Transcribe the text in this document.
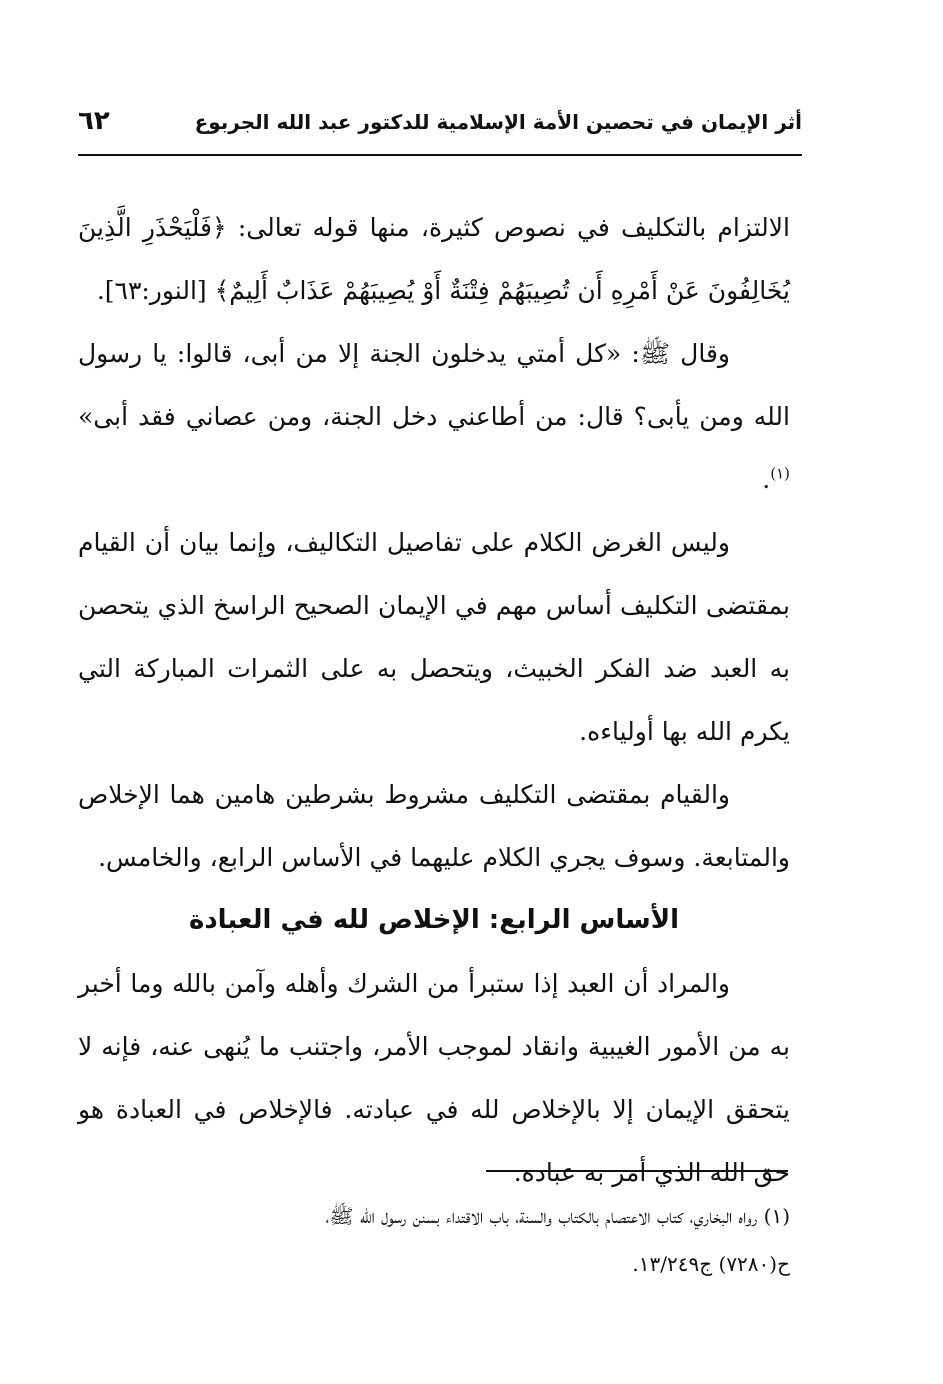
أثر الإيمان في تحصين الأمة الإسلامية للدكتور عبد الله الجربوع
٦٢

الالتزام بالتكليف في نصوص كثيرة، منها قوله تعالى: ﴿فَلْيَحْذَرِ الَّذِينَ يُخَالِفُونَ عَنْ أَمْرِهِ أَن تُصِيبَهُمْ فِتْنَةٌ أَوْ يُصِيبَهُمْ عَذَابٌ أَلِيمٌ﴾ [النور:٦٣].

وقال ﷺ: «كل أمتي يدخلون الجنة إلا من أبى، قالوا: يا رسول الله ومن يأبى؟ قال: من أطاعني دخل الجنة، ومن عصاني فقد أبى» $^{(١)}$.

وليس الغرض الكلام على تفاصيل التكاليف، وإنما بيان أن القيام بمقتضى التكليف أساس مهم في الإيمان الصحيح الراسخ الذي يتحصن به العبد ضد الفكر الخبيث، ويتحصل به على الثمرات المباركة التي يكرم الله بها أولياءه.

والقيام بمقتضى التكليف مشروط بشرطين هامين هما الإخلاص والمتابعة. وسوف يجري الكلام عليهما في الأساس الرابع، والخامس.

الأساس الرابع: الإخلاص لله في العبادة

والمراد أن العبد إذا ستبرأ من الشرك وأهله وآمن بالله وما أخبر به من الأمور الغيبية وانقاد لموجب الأمر، واجتنب ما يُنهى عنه، فإنه لا يتحقق الإيمان إلا بالإخلاص لله في عبادته. فالإخلاص في العبادة هو حق الله الذي أمر به عباده.

(١) رواه البخاري، كتاب الاعتصام بالكتاب والسنة، باب الاقتداء بسنن رسول الله ﷺ،

ح(٧٢٨٠) ج١٣/٢٤٩.
